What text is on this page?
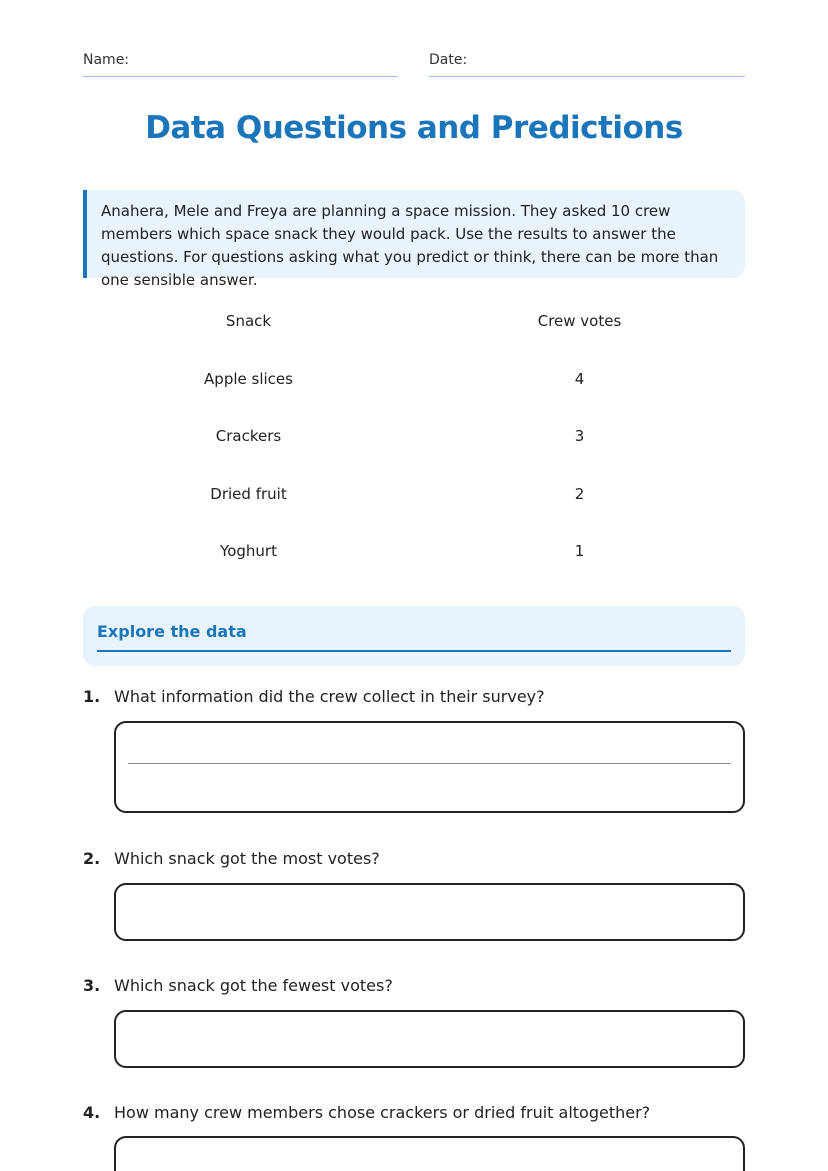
Name:	Date:
Data Questions and Predictions
Anahera, Mele and Freya are planning a space mission. They asked 10 crew members which space snack they would pack. Use the results to answer the questions. For questions asking what you predict or think, there can be more than one sensible answer.
Snack	Crew votes
Apple slices	4
Crackers	3
Dried fruit	2
Yoghurt	1
Explore the data
1. What information did the crew collect in their survey?
2. Which snack got the most votes?
3. Which snack got the fewest votes?
4. How many crew members chose crackers or dried fruit altogether?
